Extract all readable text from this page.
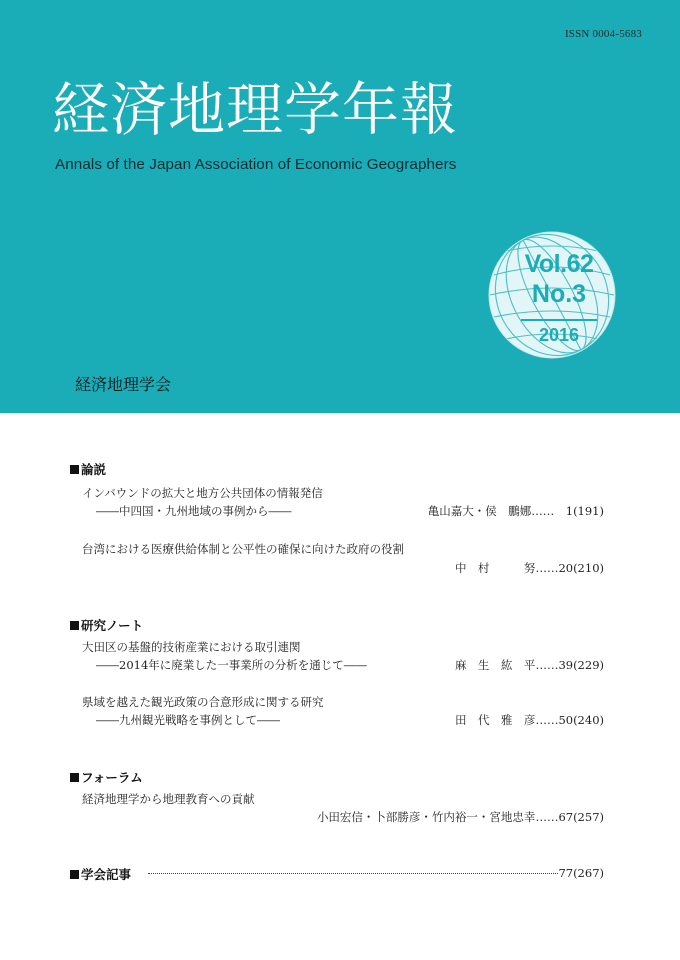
ISSN 0004-5683
経済地理学年報
Annals of the Japan Association of Economic Geographers
経済地理学会
Vol.62
No.3
2016
論説
インバウンドの拡大と地方公共団体の情報発信
――中四国・九州地域の事例から――	亀山嘉大・侯　鵬娜……　1(191)
台湾における医療供給体制と公平性の確保に向けた政府の役割
中　村　　　努……20(210)
研究ノート
大田区の基盤的技術産業における取引連関
――2014年に廃業した一事業所の分析を通じて――	麻　生　紘　平……39(229)
県域を越えた観光政策の合意形成に関する研究
――九州観光戦略を事例として――	田　代　雅　彦……50(240)
フォーラム
経済地理学から地理教育への貢献
小田宏信・卜部勝彦・竹内裕一・宮地忠幸……67(257)
学会記事	77(267)
